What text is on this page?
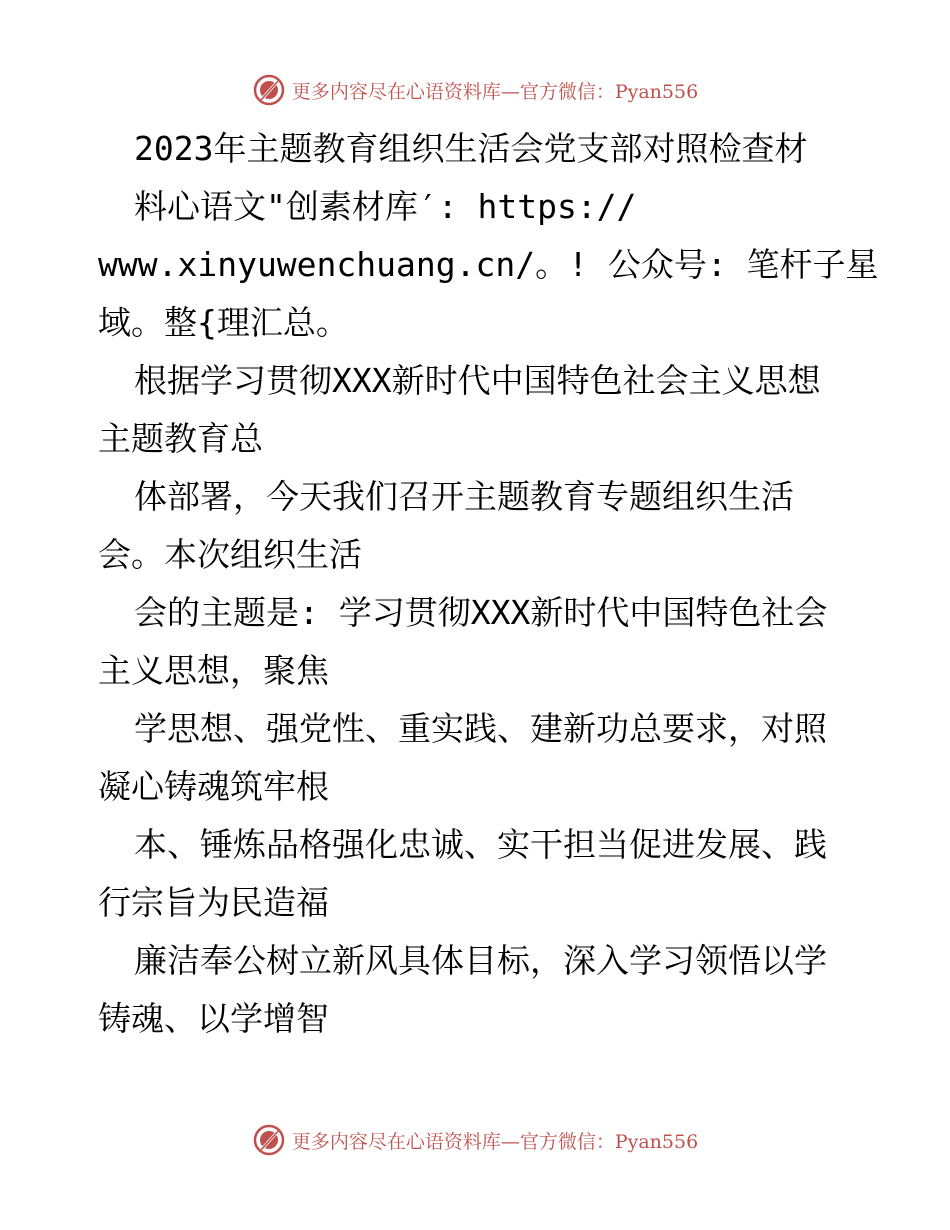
更多内容尽在心语资料库—官方微信：Pyan556
2023年主题教育组织生活会党支部对照检查材
料心语文"创素材库′: https://
www.xinyuwenchuang.cn/。! 公众号: 笔杆子星
域。整{理汇总。
根据学习贯彻XXX新时代中国特色社会主义思想
主题教育总
体部署，今天我们召开主题教育专题组织生活
会。本次组织生活
会的主题是: 学习贯彻XXX新时代中国特色社会
主义思想，聚焦
学思想、强党性、重实践、建新功总要求，对照
凝心铸魂筑牢根
本、锤炼品格强化忠诚、实干担当促进发展、践
行宗旨为民造福
廉洁奉公树立新风具体目标，深入学习领悟以学
铸魂、以学增智
更多内容尽在心语资料库—官方微信：Pyan556
